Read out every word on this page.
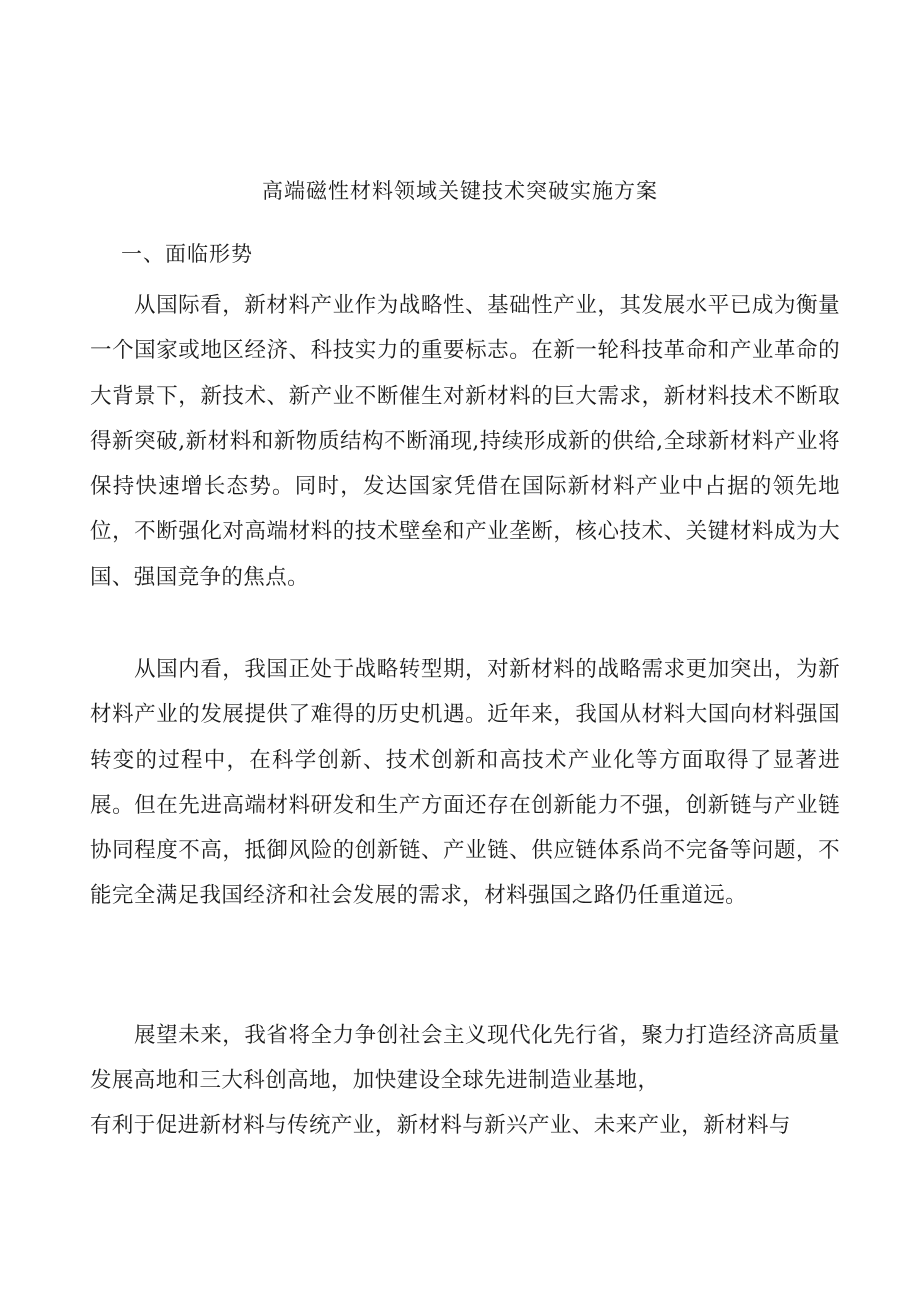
高端磁性材料领域关键技术突破实施方案
一、面临形势

从国际看，新材料产业作为战略性、基础性产业，其发展水平已成为衡量一个国家或地区经济、科技实力的重要标志。在新一轮科技革命和产业革命的大背景下，新技术、新产业不断催生对新材料的巨大需求，新材料技术不断取得新突破,新材料和新物质结构不断涌现,持续形成新的供给,全球新材料产业将保持快速增长态势。同时，发达国家凭借在国际新材料产业中占据的领先地位，不断强化对高端材料的技术壁垒和产业垄断，核心技术、关键材料成为大国、强国竞争的焦点。

从国内看，我国正处于战略转型期，对新材料的战略需求更加突出，为新材料产业的发展提供了难得的历史机遇。近年来，我国从材料大国向材料强国转变的过程中，在科学创新、技术创新和高技术产业化等方面取得了显著进展。但在先进高端材料研发和生产方面还存在创新能力不强，创新链与产业链协同程度不高，抵御风险的创新链、产业链、供应链体系尚不完备等问题，不能完全满足我国经济和社会发展的需求，材料强国之路仍任重道远。

展望未来，我省将全力争创社会主义现代化先行省，聚力打造经济高质量发展高地和三大科创高地，加快建设全球先进制造业基地，

有利于促进新材料与传统产业，新材料与新兴产业、未来产业，新材料与
